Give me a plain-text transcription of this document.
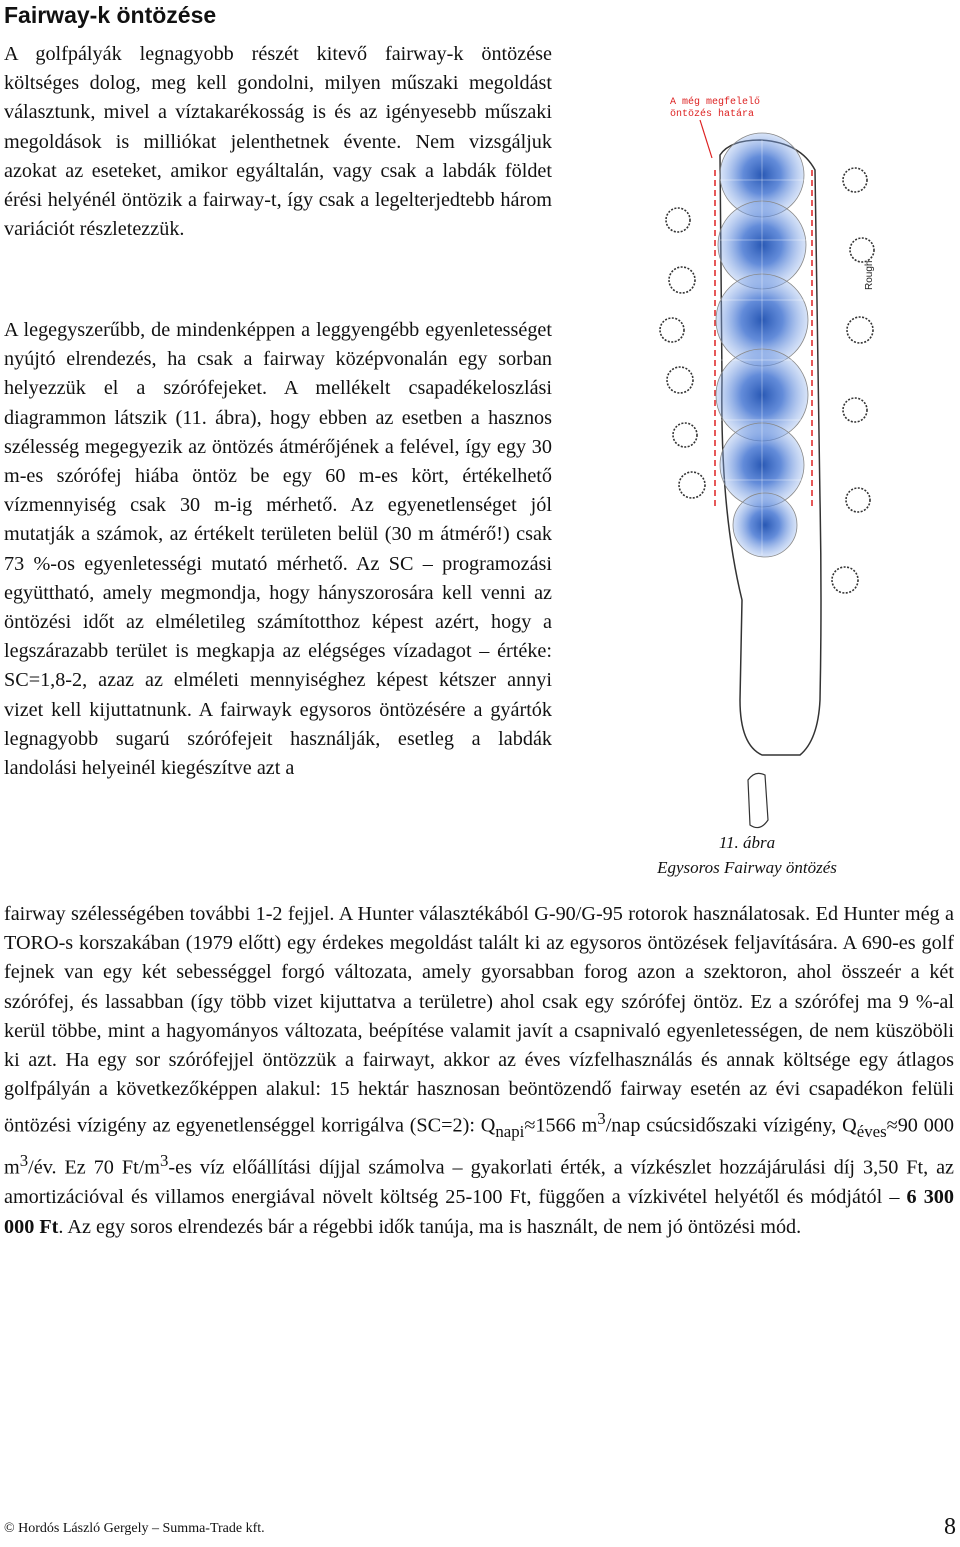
Fairway-k öntözése

A golfpályák legnagyobb részét kitevő fairway-k öntözése költséges dolog, meg kell gondolni, milyen műszaki megoldást választunk, mivel a víztakarékosság is és az igényesebb műszaki megoldások is milliókat jelenthetnek évente. Nem vizsgáljuk azokat az eseteket, amikor egyáltalán, vagy csak a labdák földet érési helyénél öntözik a fairway-t, így csak a legelterjedtebb három variációt részletezzük.

A legegyszerűbb, de mindenképpen a leggyengébb egyenletességet nyújtó elrendezés, ha csak a fairway középvonalán egy sorban helyezzük el a szórófejeket. A mellékelt csapadékeloszlási diagrammon látszik (11. ábra), hogy ebben az esetben a hasznos szélesség megegyezik az öntözés átmérőjének a felével, így egy 30 m-es szórófej hiába öntöz be egy 60 m-es kört, értékelhető vízmennyiség csak 30 m-ig mérhető. Az egyenetlenséget jól mutatják a számok, az értékelt területen belül (30 m átmérő!) csak 73 %-os egyenletességi mutató mérhető. Az SC – programozási együttható, amely megmondja, hogy hányszorosára kell venni az öntözési időt az elméletileg számítotthoz képest azért, hogy a legszárazabb terület is megkapja az elégséges vízadagot – értéke: SC=1,8-2, azaz az elméleti mennyiséghez képest kétszer annyi vizet kell kijuttatnunk. A fairwayk egysoros öntözésére a gyártók legnagyobb sugarú szórófejeit használják, esetleg a labdák landolási helyeinél kiegészítve azt a

fairway szélességében további 1-2 fejjel. A Hunter választékából G-90/G-95 rotorok használatosak. Ed Hunter még a TORO-s korszakában (1979 előtt) egy érdekes megoldást talált ki az egysoros öntözések feljavítására. A 690-es golf fejnek van egy két sebességgel forgó változata, amely gyorsabban forog azon a szektoron, ahol összeér a két szórófej, és lassabban (így több vizet kijuttatva a területre) ahol csak egy szórófej öntöz. Ez a szórófej ma 9 %-al kerül többe, mint a hagyományos változata, beépítése valamit javít a csapnivaló egyenletességen, de nem küszöböli ki azt. Ha egy sor szórófejjel öntözzük a fairwayt, akkor az éves vízfelhasználás és annak költsége egy átlagos golfpályán a következőképpen alakul: 15 hektár hasznosan beöntözendő fairway esetén az évi csapadékon felüli öntözési vízigény az egyenetlenséggel korrigálva (SC=2): $Q_{napi}\approx 1566$ $m^3$/nap csúcsidőszaki vízigény, $Q_{éves}\approx 90$ 000 $m^3/év$. Ez 70 $Ft/m^3-es$ víz előállítási díjjal számolva – gyakorlati érték, a vízkészlet hozzájárulási díj 3,50 Ft, az amortizációval és villamos energiával növelt költség 25-100 Ft, függően a vízkivétel helyétől és módjától – 6 300 000 Ft. Az egy soros elrendezés bár a régebbi idők tanúja, ma is használt, de nem jó öntözési mód.

A még megfelelő
öntözés határa
Rough
11. ábra
Egysoros Fairway öntözés
© Hordós László Gergely – Summa-Trade kft.	8
